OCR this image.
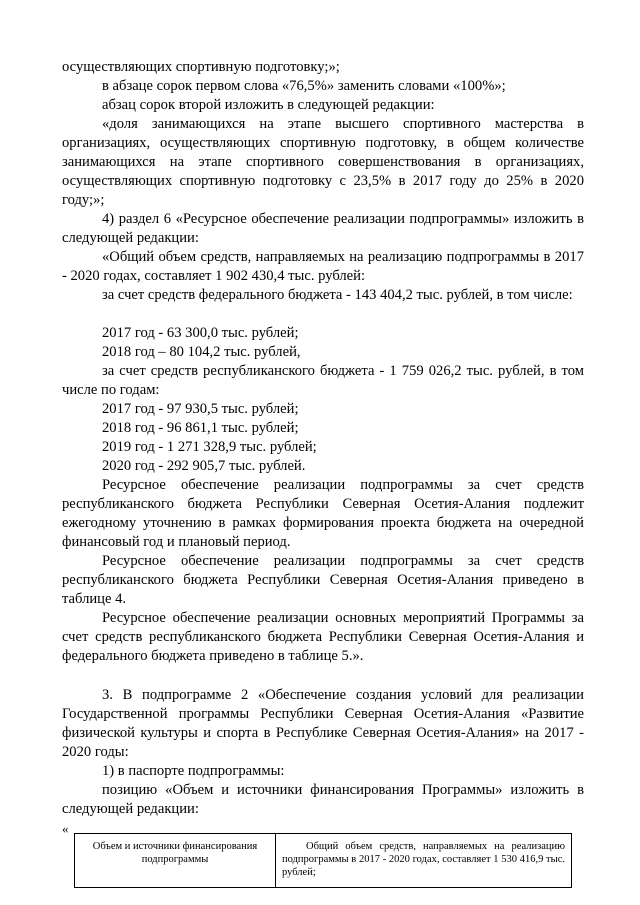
осуществляющих спортивную подготовку;»;

в абзаце сорок первом слова «76,5%» заменить словами «100%»;

абзац сорок второй изложить в следующей редакции:

«доля занимающихся на этапе высшего спортивного мастерства в организациях, осуществляющих спортивную подготовку, в общем количестве занимающихся на этапе спортивного совершенствования в организациях, осуществляющих спортивную подготовку с 23,5% в 2017 году до 25% в 2020 году;»;

4) раздел 6 «Ресурсное обеспечение реализации подпрограммы» изложить в следующей редакции:

«Общий объем средств, направляемых на реализацию подпрограммы в 2017 - 2020 годах, составляет 1 902 430,4 тыс. рублей:

за счет средств федерального бюджета - 143 404,2 тыс. рублей, в том числе:

2017 год - 63 300,0 тыс. рублей;

2018 год – 80 104,2 тыс. рублей,

за счет средств республиканского бюджета - 1 759 026,2 тыс. рублей, в том числе по годам:

2017 год - 97 930,5 тыс. рублей;

2018 год - 96 861,1 тыс. рублей;

2019 год - 1 271 328,9 тыс. рублей;

2020 год - 292 905,7 тыс. рублей.

Ресурсное обеспечение реализации подпрограммы за счет средств республиканского бюджета Республики Северная Осетия-Алания подлежит ежегодному уточнению в рамках формирования проекта бюджета на очередной финансовый год и плановый период.

Ресурсное обеспечение реализации подпрограммы за счет средств республиканского бюджета Республики Северная Осетия-Алания приведено в таблице 4.

Ресурсное обеспечение реализации основных мероприятий Программы за счет средств республиканского бюджета Республики Северная Осетия-Алания и федерального бюджета приведено в таблице 5.».

3. В подпрограмме 2 «Обеспечение создания условий для реализации Государственной программы Республики Северная Осетия-Алания «Развитие физической культуры и спорта в Республике Северная Осетия-Алания» на 2017 - 2020 годы:

1) в паспорте подпрограммы:

позицию «Объем и источники финансирования Программы» изложить в следующей редакции:

«
Объем и источники финансирования подпрограммы	Общий объем средств, направляемых на реализацию подпрограммы в 2017 - 2020 годах, составляет 1 530 416,9 тыс. рублей;
